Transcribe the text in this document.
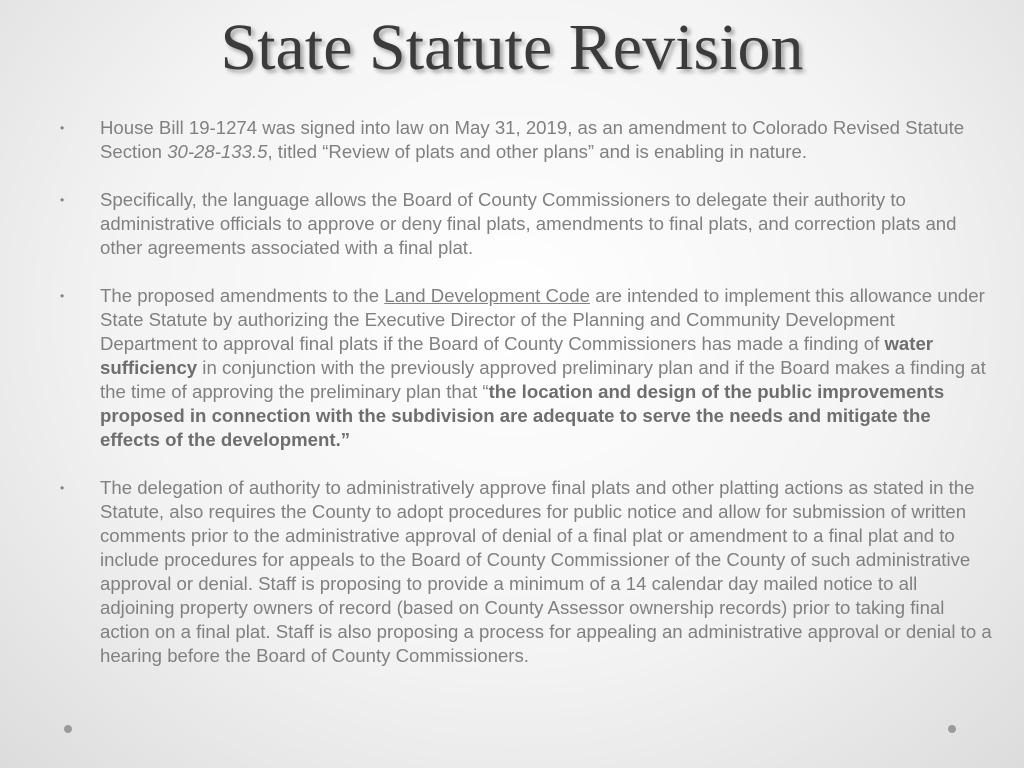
State Statute Revision
• House Bill 19-1274 was signed into law on May 31, 2019, as an amendment to Colorado Revised Statute Section 30-28-133.5, titled “Review of plats and other plans” and is enabling in nature.

• Specifically, the language allows the Board of County Commissioners to delegate their authority to administrative officials to approve or deny final plats, amendments to final plats, and correction plats and other agreements associated with a final plat.

• The proposed amendments to the Land Development Code are intended to implement this allowance under State Statute by authorizing the Executive Director of the Planning and Community Development Department to approval final plats if the Board of County Commissioners has made a finding of water sufficiency in conjunction with the previously approved preliminary plan and if the Board makes a finding at the time of approving the preliminary plan that “the location and design of the public improvements proposed in connection with the subdivision are adequate to serve the needs and mitigate the effects of the development.”

• The delegation of authority to administratively approve final plats and other platting actions as stated in the Statute, also requires the County to adopt procedures for public notice and allow for submission of written comments prior to the administrative approval of denial of a final plat or amendment to a final plat and to include procedures for appeals to the Board of County Commissioner of the County of such administrative approval or denial. Staff is proposing to provide a minimum of a 14 calendar day mailed notice to all adjoining property owners of record (based on County Assessor ownership records) prior to taking final action on a final plat. Staff is also proposing a process for appealing an administrative approval or denial to a hearing before the Board of County Commissioners.
